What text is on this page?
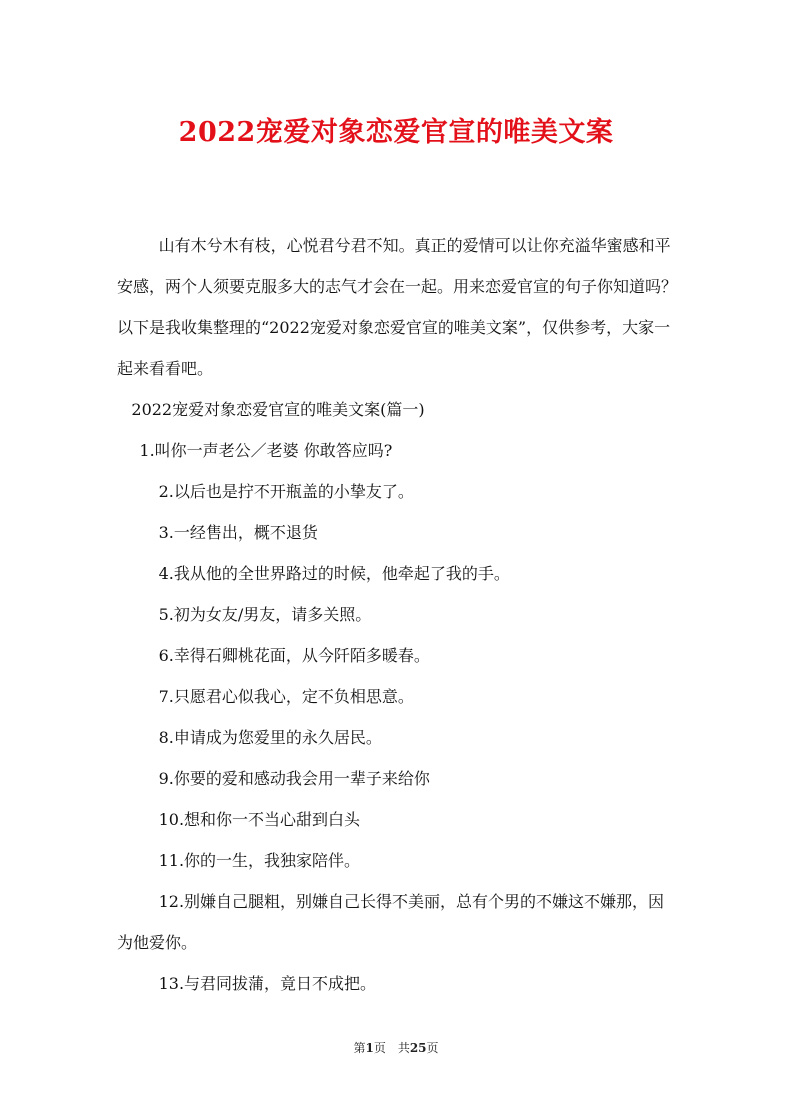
2022宠爱对象恋爱官宣的唯美文案

山有木兮木有枝，心悦君兮君不知。真正的爱情可以让你充溢华蜜感和平安感，两个人须要克服多大的志气才会在一起。用来恋爱官宣的句子你知道吗？以下是我收集整理的“2022宠爱对象恋爱官宣的唯美文案”，仅供参考，大家一起来看看吧。

2022宠爱对象恋爱官宣的唯美文案(篇一)

1.叫你一声老公／老婆 你敢答应吗?

2.以后也是拧不开瓶盖的小挚友了。

3.一经售出，概不退货

4.我从他的全世界路过的时候，他牵起了我的手。

5.初为女友/男友，请多关照。

6.幸得石卿桃花面，从今阡陌多暖春。

7.只愿君心似我心，定不负相思意。

8.申请成为您爱里的永久居民。

9.你要的爱和感动我会用一辈子来给你

10.想和你一不当心甜到白头

11.你的一生，我独家陪伴。

12.别嫌自己腿粗，别嫌自己长得不美丽，总有个男的不嫌这不嫌那，因为他爱你。

13.与君同拔蒲，竟日不成把。

第1页　共25页
